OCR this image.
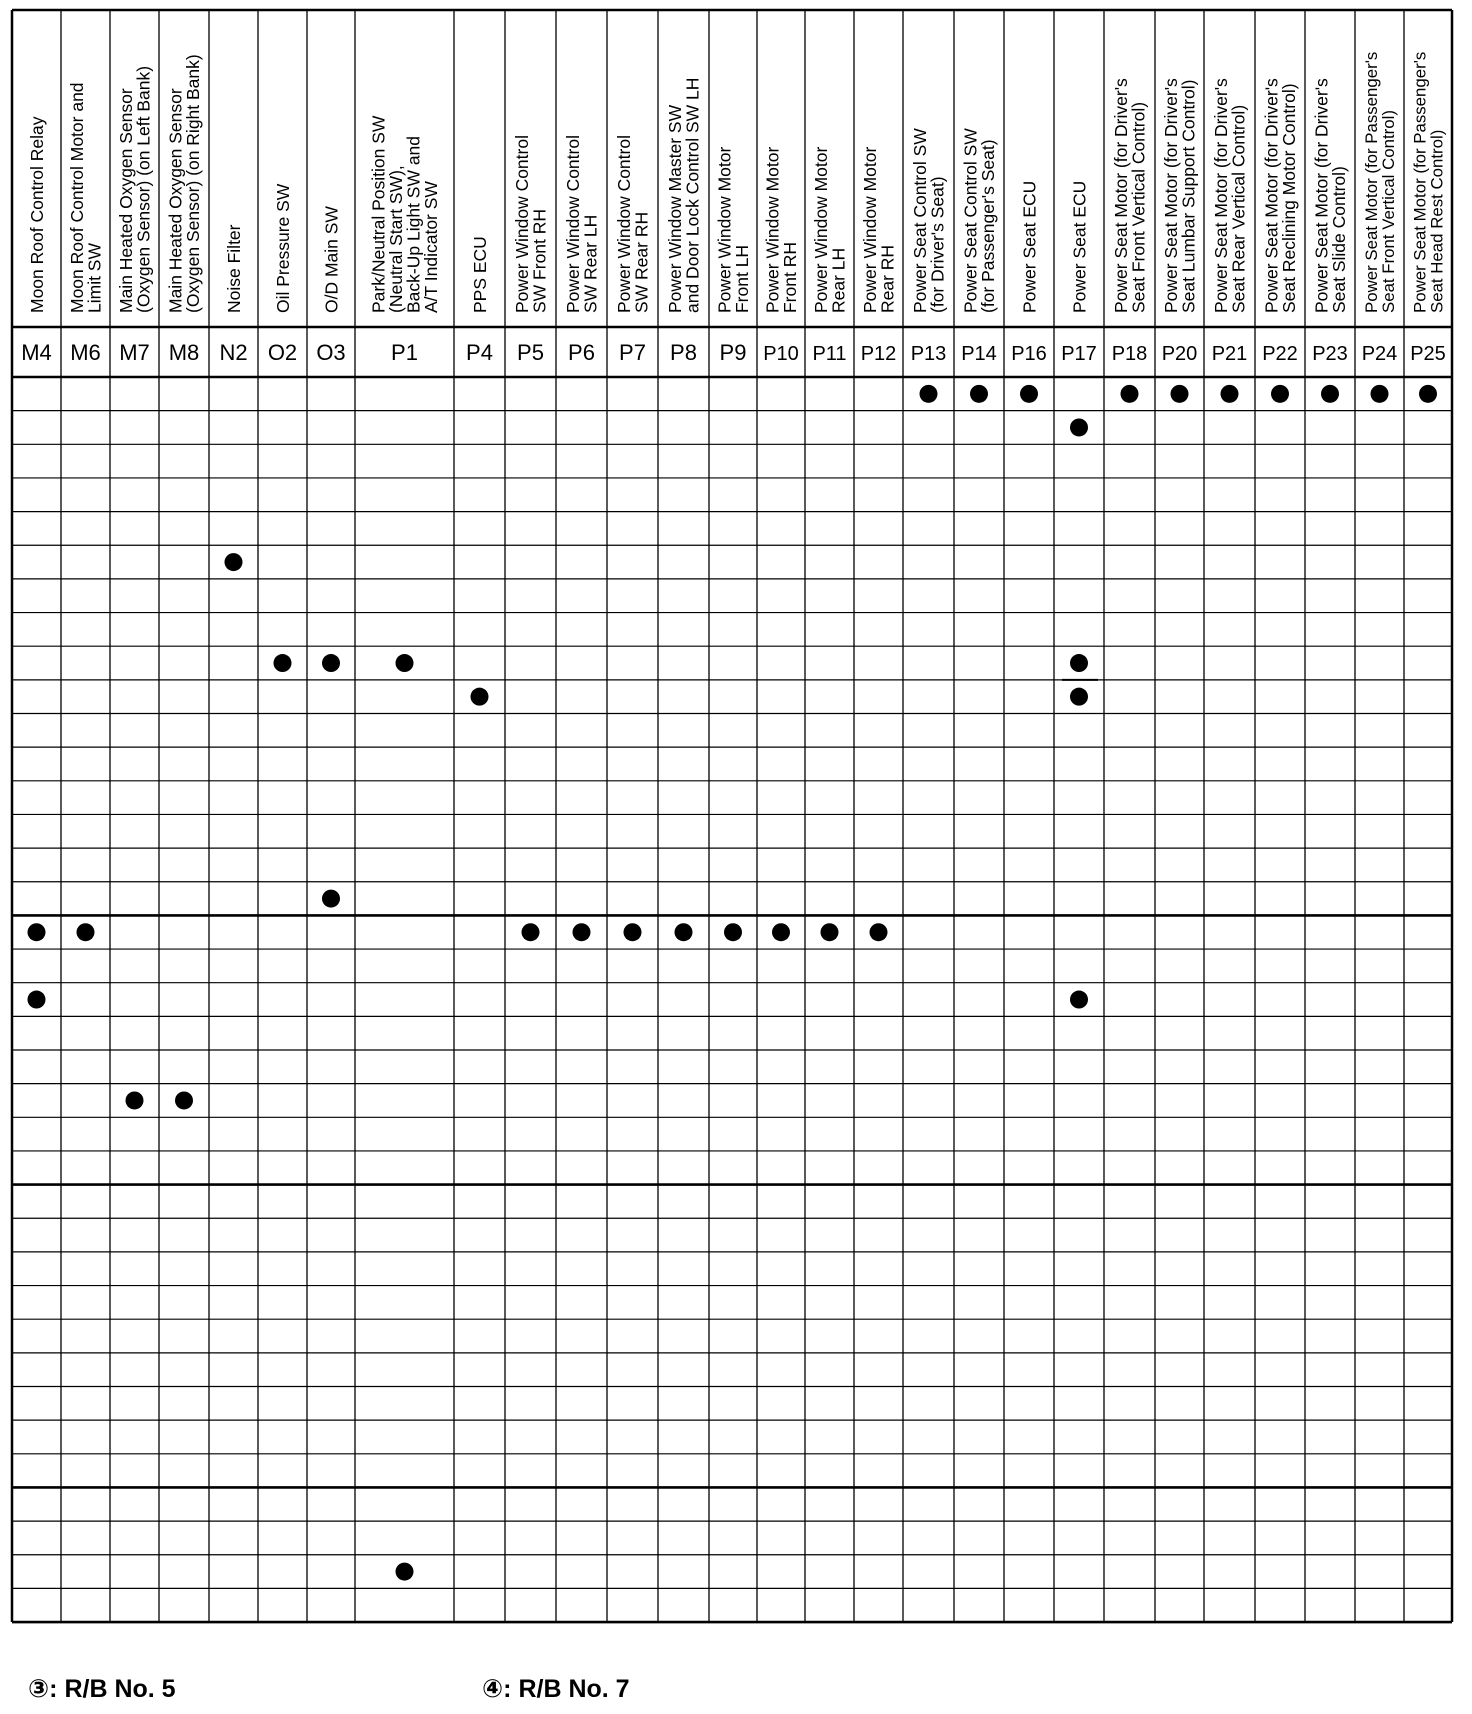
Moon Roof Control Relay Moon Roof Control Motor and
Limit SW Main Heated Oxygen Sensor
(Oxygen Sensor) (on Left Bank) Main Heated Oxygen Sensor
(Oxygen Sensor) (on Right Bank) Noise Filter Oil Pressure SW O/D Main SW Park/Neutral Position SW
(Neutral Start SW),
Back-Up Light SW and
A/T Indicator SW PPS ECU Power Window Control
SW Front RH Power Window Control
SW Rear LH Power Window Control
SW Rear RH Power Window Master SW
and Door Lock Control SW LH Power Window Motor
Front LH Power Window Motor
Front RH Power Window Motor
Rear LH Power Window Motor
Rear RH Power Seat Control SW
(for Driver's Seat) Power Seat Control SW
(for Passenger's Seat) Power Seat ECU Power Seat ECU Power Seat Motor (for Driver's
Seat Front Vertical Control) Power Seat Motor (for Driver's
Seat Lumbar Support Control) Power Seat Motor (for Driver's
Seat Rear Vertical Control) Power Seat Motor (for Driver's
Seat Reclining Motor Control) Power Seat Motor (for Driver's
Seat Slide Control) Power Seat Motor (for Passenger's
Seat Front Vertical Control) Power Seat Motor (for Passenger's
Seat Head Rest Control)
M4 M6 M7 M8 N2 O2 O3 P1 P4 P5 P6 P7 P8 P9 P10 P11 P12 P13 P14 P16 P17 P18 P20 P21 P22 P23 P24 P25
③: R/B No. 5	④: R/B No. 7
